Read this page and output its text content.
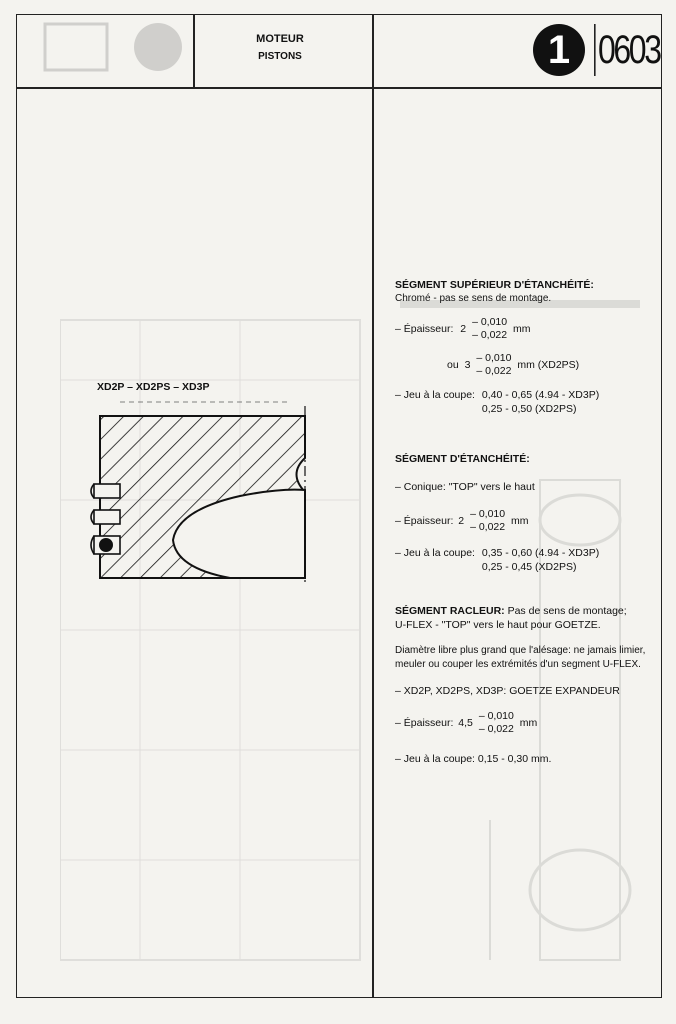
MOTEUR
PISTONS	1 0603
XD2P – XD2PS – XD3P
SÉGMENT SUPÉRIEUR D'ÉTANCHÉITÉ:
Chromé - pas se sens de montage.
– Épaisseur: 2
– 0,010
– 0,022 mm
ou 3
– 0,010
– 0,022 mm (XD2PS)
– Jeu à la coupe: 0,40 - 0,65 (4.94 - XD3P)
0,25 - 0,50 (XD2PS)
SÉGMENT D'ÉTANCHÉITÉ:
– Conique: "TOP" vers le haut
– Épaisseur: 2
– 0,010
– 0,022 mm
– Jeu à la coupe: 0,35 - 0,60 (4.94 - XD3P)
0,25 - 0,45 (XD2PS)
SÉGMENT RACLEUR: Pas de sens de montage;
U-FLEX - "TOP" vers le haut pour GOETZE.
Diamètre libre plus grand que l'alésage: ne jamais limier, meuler ou couper les extrémités d'un segment U-FLEX.
– XD2P, XD2PS, XD3P: GOETZE EXPANDEUR
– Épaisseur: 4,5
– 0,010
– 0,022 mm
– Jeu à la coupe: 0,15 - 0,30 mm.
